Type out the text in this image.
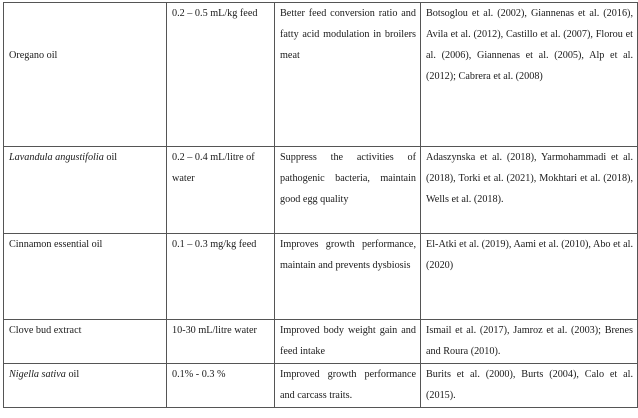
Oregano oil	0.2 – 0.5 mL/kg feed	Better feed conversion ratio and fatty acid modulation in broilers meat	Botsoglou et al. (2002), Giannenas et al. (2016), Avila et al. (2012), Castillo et al. (2007), Florou et al. (2006), Giannenas et al. (2005), Alp et al. (2012); Cabrera et al. (2008)

Lavandula angustifolia oil	0.2 – 0.4 mL/litre of water	Suppress the activities of pathogenic bacteria, maintain good egg quality	Adaszynska et al. (2018), Yarmohammadi et al. (2018), Torki et al. (2021), Mokhtari et al. (2018), Wells et al. (2018).

Cinnamon essential oil	0.1 – 0.3 mg/kg feed	Improves growth performance, maintain and prevents dysbiosis	El-Atki et al. (2019), Aami et al. (2010), Abo et al. (2020)

Clove bud extract	10-30 mL/litre water	Improved body weight gain and feed intake	Ismail et al. (2017), Jamroz et al. (2003); Brenes and Roura (2010).

Nigella sativa oil	0.1% - 0.3 %	Improved growth performance and carcass traits.	Burits et al. (2000), Burts (2004), Calo et al. (2015).
